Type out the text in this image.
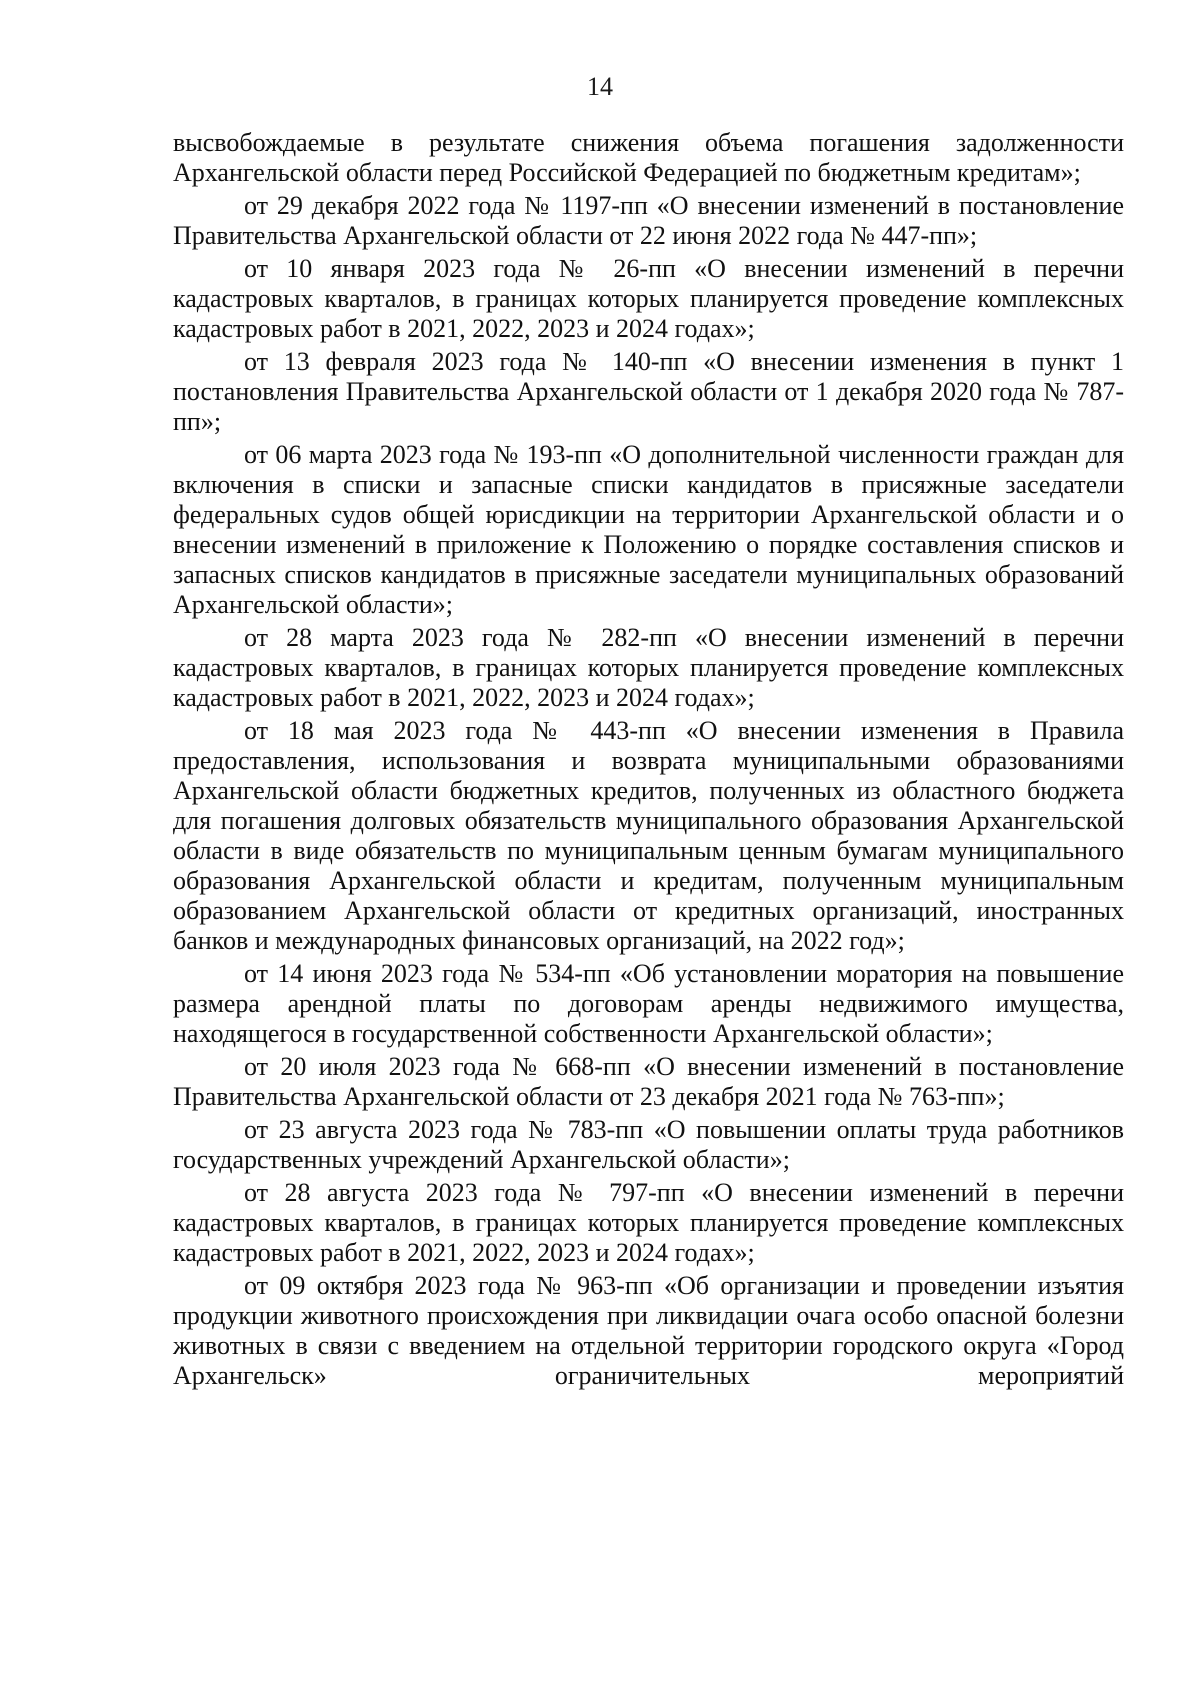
14

высвобождаемые в результате снижения объема погашения задолженности Архангельской области перед Российской Федерацией по бюджетным кредитам»;

от 29 декабря 2022 года № 1197-пп «О внесении изменений в постановление Правительства Архангельской области от 22 июня 2022 года № 447-пп»;

от 10 января 2023 года № 26-пп «О внесении изменений в перечни кадастровых кварталов, в границах которых планируется проведение комплексных кадастровых работ в 2021, 2022, 2023 и 2024 годах»;

от 13 февраля 2023 года № 140-пп «О внесении изменения в пункт 1 постановления Правительства Архангельской области от 1 декабря 2020 года № 787-пп»;

от 06 марта 2023 года № 193-пп «О дополнительной численности граждан для включения в списки и запасные списки кандидатов в присяжные заседатели федеральных судов общей юрисдикции на территории Архангельской области и о внесении изменений в приложение к Положению о порядке составления списков и запасных списков кандидатов в присяжные заседатели муниципальных образований Архангельской области»;

от 28 марта 2023 года № 282-пп «О внесении изменений в перечни кадастровых кварталов, в границах которых планируется проведение комплексных кадастровых работ в 2021, 2022, 2023 и 2024 годах»;

от 18 мая 2023 года № 443-пп «О внесении изменения в Правила предоставления, использования и возврата муниципальными образованиями Архангельской области бюджетных кредитов, полученных из областного бюджета для погашения долговых обязательств муниципального образования Архангельской области в виде обязательств по муниципальным ценным бумагам муниципального образования Архангельской области и кредитам, полученным муниципальным образованием Архангельской области от кредитных организаций, иностранных банков и международных финансовых организаций, на 2022 год»;

от 14 июня 2023 года № 534-пп «Об установлении моратория на повышение размера арендной платы по договорам аренды недвижимого имущества, находящегося в государственной собственности Архангельской области»;

от 20 июля 2023 года № 668-пп «О внесении изменений в постановление Правительства Архангельской области от 23 декабря 2021 года № 763-пп»;

от 23 августа 2023 года № 783-пп «О повышении оплаты труда работников государственных учреждений Архангельской области»;

от 28 августа 2023 года № 797-пп «О внесении изменений в перечни кадастровых кварталов, в границах которых планируется проведение комплексных кадастровых работ в 2021, 2022, 2023 и 2024 годах»;

от 09 октября 2023 года № 963-пп «Об организации и проведении изъятия продукции животного происхождения при ликвидации очага особо опасной болезни животных в связи с введением на отдельной территории городского округа «Город Архангельск» ограничительных мероприятий
